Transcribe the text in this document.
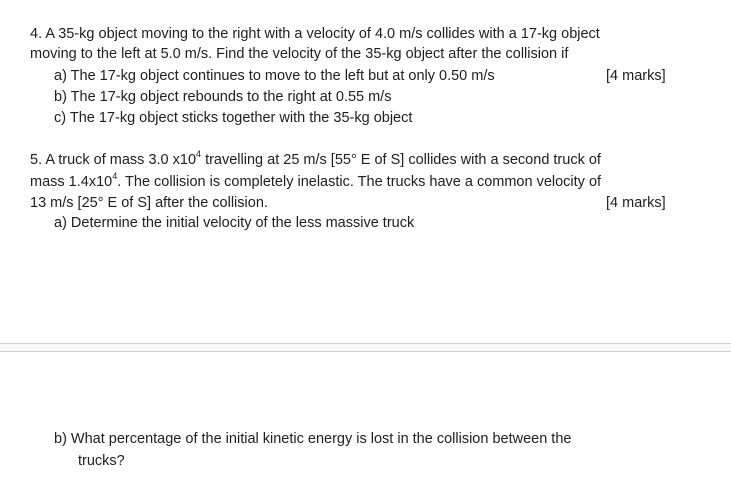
4. A 35-kg object moving to the right with a velocity of 4.0 m/s collides with a 17-kg object
moving to the left at 5.0 m/s. Find the velocity of the 35-kg object after the collision if
a) The 17-kg object continues to move to the left but at only 0.50 m/s	[4 marks]
b) The 17-kg object rebounds to the right at 0.55 m/s
c) The 17-kg object sticks together with the 35-kg object
5. A truck of mass 3.0 $x10^4$ travelling at 25 m/s [55° E of S] collides with a second truck of
mass $1.4x10^4$. The collision is completely inelastic. The trucks have a common velocity of
13 m/s [25° E of S] after the collision.	[4 marks]
a) Determine the initial velocity of the less massive truck
b) What percentage of the initial kinetic energy is lost in the collision between the
trucks?
